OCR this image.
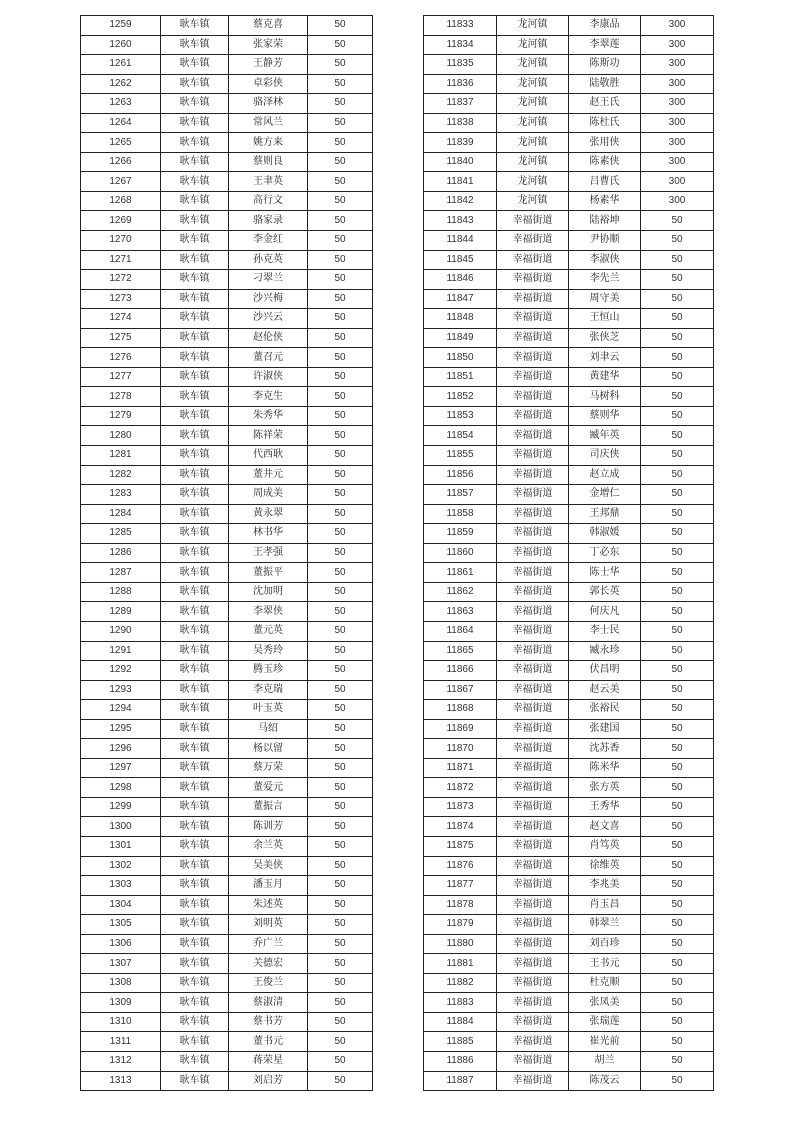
1259	耿车镇	蔡克喜	50
1260	耿车镇	张家荣	50
1261	耿车镇	王静芳	50
1262	耿车镇	卓彩侠	50
1263	耿车镇	骆泽林	50
1264	耿车镇	常风兰	50
1265	耿车镇	姚方来	50
1266	耿车镇	蔡则良	50
1267	耿车镇	王聿英	50
1268	耿车镇	高行文	50
1269	耿车镇	骆家录	50
1270	耿车镇	李金红	50
1271	耿车镇	孙克英	50
1272	耿车镇	刁翠兰	50
1273	耿车镇	沙兴梅	50
1274	耿车镇	沙兴云	50
1275	耿车镇	赵伦侠	50
1276	耿车镇	董召元	50
1277	耿车镇	许淑侠	50
1278	耿车镇	李克生	50
1279	耿车镇	朱秀华	50
1280	耿车镇	陈祥荣	50
1281	耿车镇	代西耿	50
1282	耿车镇	董井元	50
1283	耿车镇	周成美	50
1284	耿车镇	黄永翠	50
1285	耿车镇	林书华	50
1286	耿车镇	王孝强	50
1287	耿车镇	董振平	50
1288	耿车镇	沈加明	50
1289	耿车镇	李翠侠	50
1290	耿车镇	董元英	50
1291	耿车镇	吴秀玲	50
1292	耿车镇	腾玉珍	50
1293	耿车镇	李克瑞	50
1294	耿车镇	叶玉英	50
1295	耿车镇	马绍	50
1296	耿车镇	杨以留	50
1297	耿车镇	蔡万荣	50
1298	耿车镇	董爱元	50
1299	耿车镇	董振言	50
1300	耿车镇	陈训芳	50
1301	耿车镇	余兰英	50
1302	耿车镇	吴美侠	50
1303	耿车镇	潘玉月	50
1304	耿车镇	朱述英	50
1305	耿车镇	刘明英	50
1306	耿车镇	乔广兰	50
1307	耿车镇	关德宏	50
1308	耿车镇	王俊兰	50
1309	耿车镇	蔡淑清	50
1310	耿车镇	蔡书芳	50
1311	耿车镇	董书元	50
1312	耿车镇	蒋荣星	50
1313	耿车镇	刘启芳	50
11833	龙河镇	李康品	300
11834	龙河镇	李翠莲	300
11835	龙河镇	陈斯功	300
11836	龙河镇	陆敬胜	300
11837	龙河镇	赵王氏	300
11838	龙河镇	陈杜氏	300
11839	龙河镇	张用侠	300
11840	龙河镇	陈素侠	300
11841	龙河镇	吕曹氏	300
11842	龙河镇	杨素华	300
11843	幸福街道	陆裕坤	50
11844	幸福街道	尹协顺	50
11845	幸福街道	李淑侠	50
11846	幸福街道	李先兰	50
11847	幸福街道	周守美	50
11848	幸福街道	王恒山	50
11849	幸福街道	张侠芝	50
11850	幸福街道	刘聿云	50
11851	幸福街道	黄建华	50
11852	幸福街道	马树科	50
11853	幸福街道	蔡则华	50
11854	幸福街道	臧年英	50
11855	幸福街道	司庆侠	50
11856	幸福街道	赵立成	50
11857	幸福街道	金增仁	50
11858	幸福街道	王邦鼎	50
11859	幸福街道	韩淑媛	50
11860	幸福街道	丁必东	50
11861	幸福街道	陈士华	50
11862	幸福街道	郭长英	50
11863	幸福街道	何庆凡	50
11864	幸福街道	李士民	50
11865	幸福街道	臧永珍	50
11866	幸福街道	伏昌明	50
11867	幸福街道	赵云美	50
11868	幸福街道	张裕民	50
11869	幸福街道	张建国	50
11870	幸福街道	沈苏香	50
11871	幸福街道	陈米华	50
11872	幸福街道	张方英	50
11873	幸福街道	王秀华	50
11874	幸福街道	赵文喜	50
11875	幸福街道	肖笃英	50
11876	幸福街道	徐维英	50
11877	幸福街道	李兆美	50
11878	幸福街道	肖玉昌	50
11879	幸福街道	韩翠兰	50
11880	幸福街道	刘百珍	50
11881	幸福街道	王书元	50
11882	幸福街道	杜克顺	50
11883	幸福街道	张凤美	50
11884	幸福街道	张瑞莲	50
11885	幸福街道	崔光前	50
11886	幸福街道	胡兰	50
11887	幸福街道	陈茂云	50
